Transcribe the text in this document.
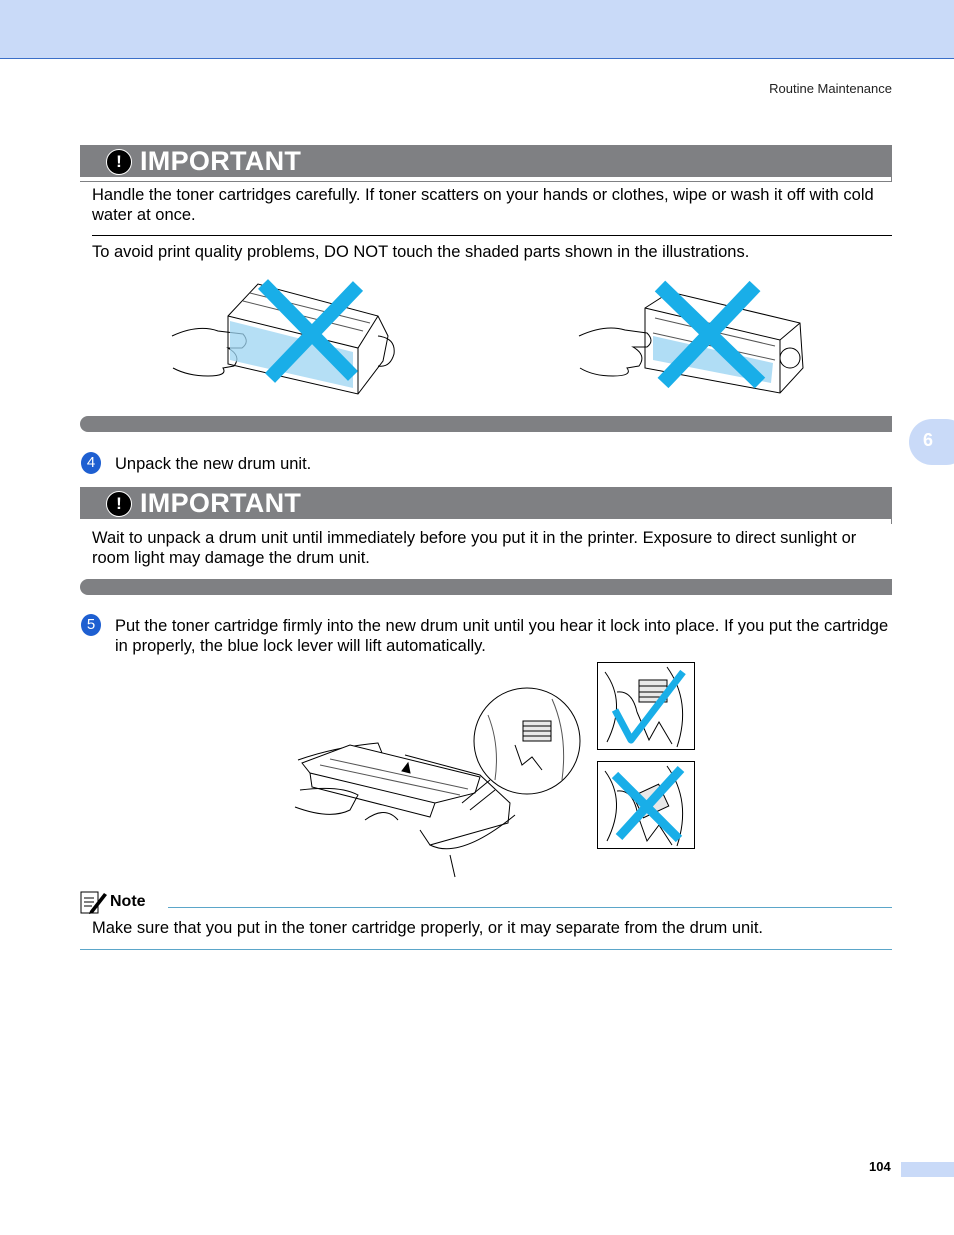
Routine Maintenance
6
! IMPORTANT
Handle the toner cartridges carefully. If toner scatters on your hands or clothes, wipe or wash it off with cold water at once.
To avoid print quality problems, DO NOT touch the shaded parts shown in the illustrations.
4	Unpack the new drum unit.
! IMPORTANT
Wait to unpack a drum unit until immediately before you put it in the printer. Exposure to direct sunlight or room light may damage the drum unit.
5	Put the toner cartridge firmly into the new drum unit until you hear it lock into place. If you put the cartridge in properly, the blue lock lever will lift automatically.
Note
Make sure that you put in the toner cartridge properly, or it may separate from the drum unit.
104
